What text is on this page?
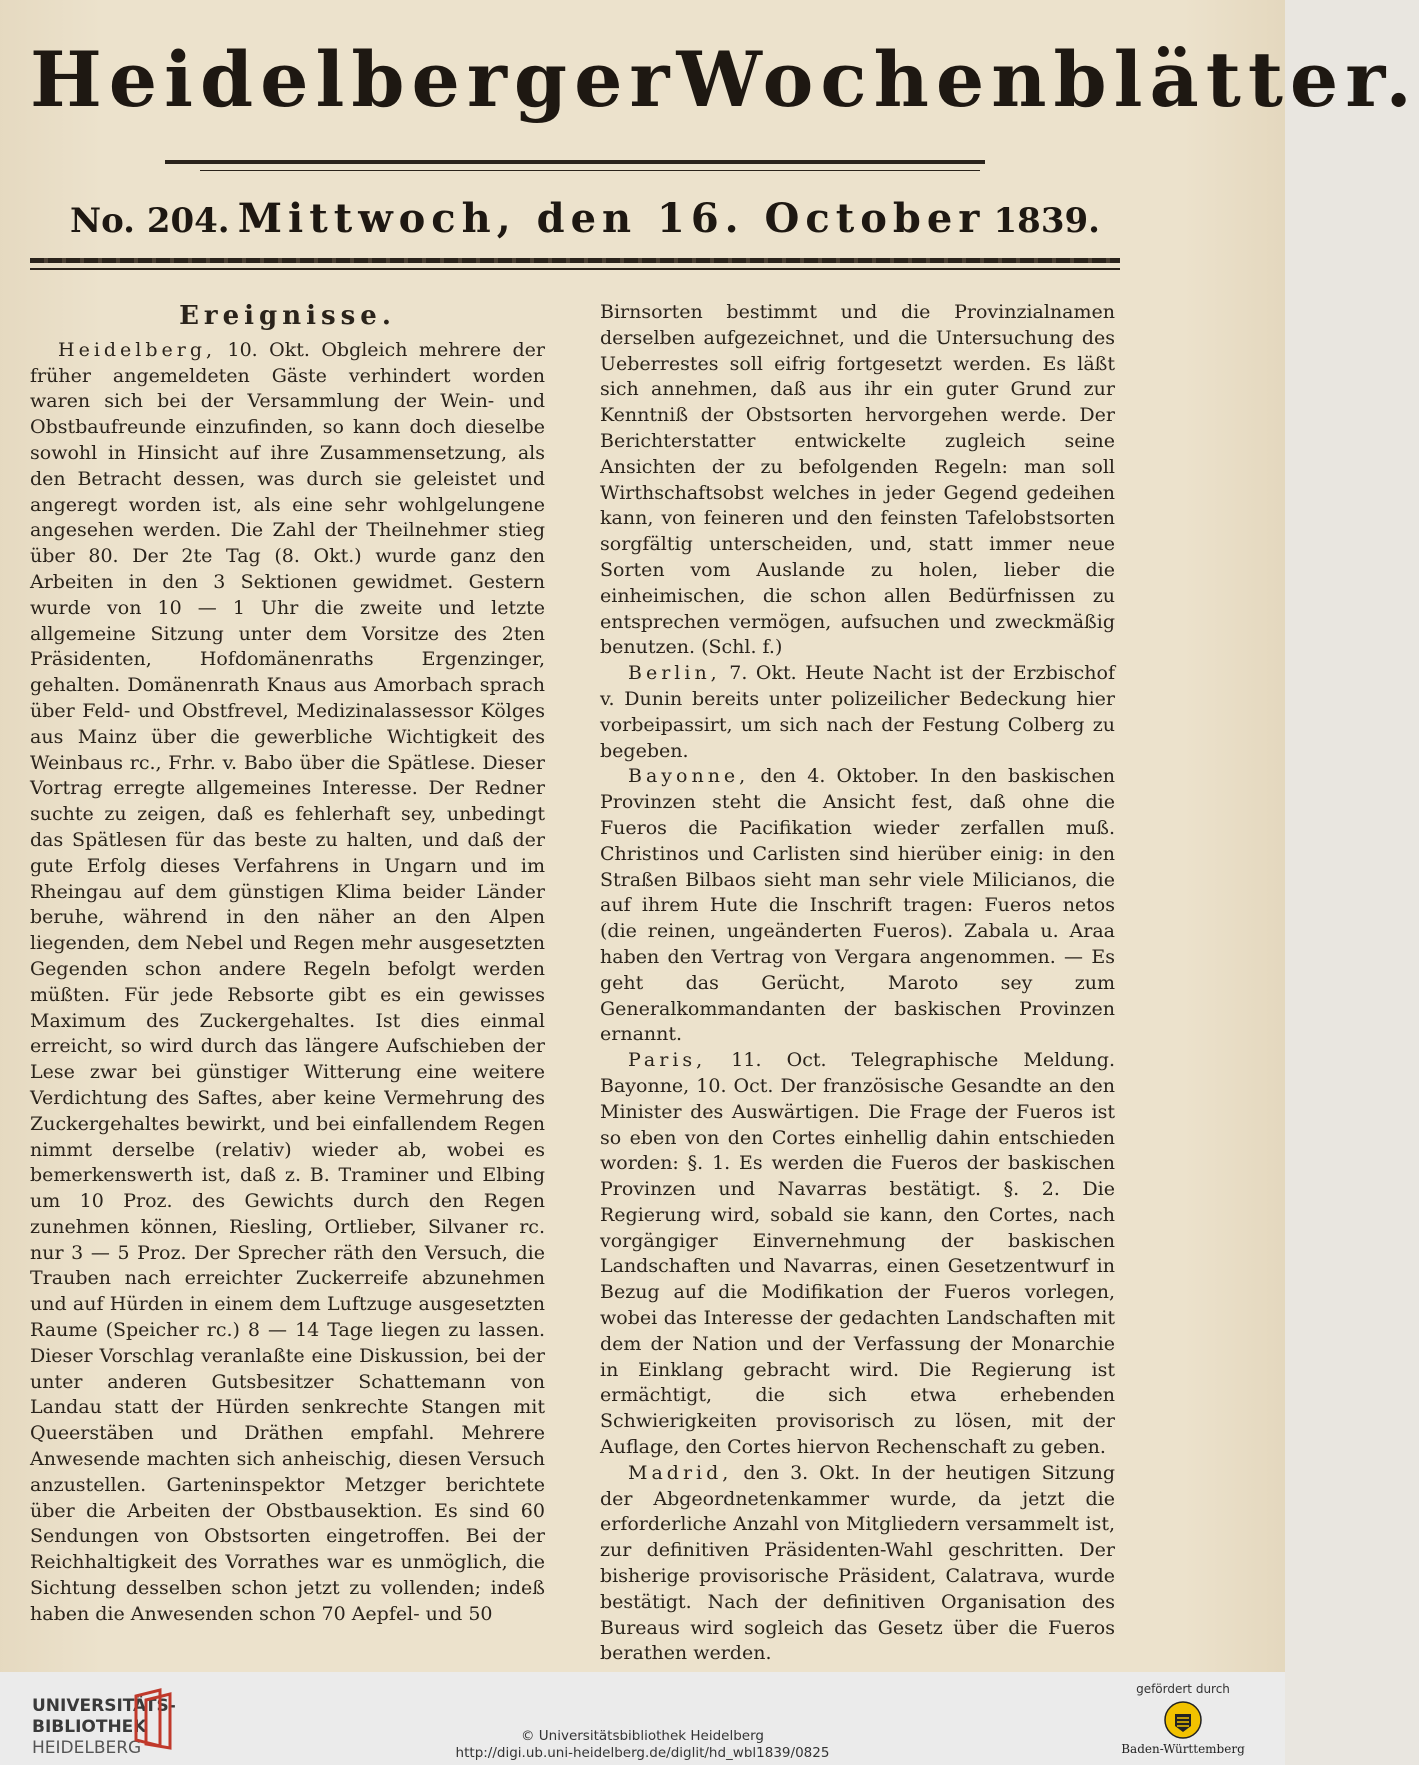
Heidelberger Wochenblätter.
No. 204. Mittwoch, den 16. October 1839.
Ereignisse.

Heidelberg, 10. Okt. Obgleich mehrere der früher angemeldeten Gäste verhindert worden waren sich bei der Versammlung der Wein- und Obstbaufreunde einzufinden, so kann doch dieselbe sowohl in Hinsicht auf ihre Zusammensetzung, als den Betracht dessen, was durch sie geleistet und angeregt worden ist, als eine sehr wohlgelungene angesehen werden. Die Zahl der Theilnehmer stieg über 80. Der 2te Tag (8. Okt.) wurde ganz den Arbeiten in den 3 Sektionen gewidmet. Gestern wurde von 10 — 1 Uhr die zweite und letzte allgemeine Sitzung unter dem Vorsitze des 2ten Präsidenten, Hofdomänenraths Ergenzinger, gehalten. Domänenrath Knaus aus Amorbach sprach über Feld- und Obstfrevel, Medizinalassessor Kölges aus Mainz über die gewerbliche Wichtigkeit des Weinbaus rc., Frhr. v. Babo über die Spätlese. Dieser Vortrag erregte allgemeines Interesse. Der Redner suchte zu zeigen, daß es fehlerhaft sey, unbedingt das Spätlesen für das beste zu halten, und daß der gute Erfolg dieses Verfahrens in Ungarn und im Rheingau auf dem günstigen Klima beider Länder beruhe, während in den näher an den Alpen liegenden, dem Nebel und Regen mehr ausgesetzten Gegenden schon andere Regeln befolgt werden müßten. Für jede Rebsorte gibt es ein gewisses Maximum des Zuckergehaltes. Ist dies einmal erreicht, so wird durch das längere Aufschieben der Lese zwar bei günstiger Witterung eine weitere Verdichtung des Saftes, aber keine Vermehrung des Zuckergehaltes bewirkt, und bei einfallendem Regen nimmt derselbe (relativ) wieder ab, wobei es bemerkenswerth ist, daß z. B. Traminer und Elbing um 10 Proz. des Gewichts durch den Regen zunehmen können, Riesling, Ortlieber, Silvaner rc. nur 3 — 5 Proz. Der Sprecher räth den Versuch, die Trauben nach erreichter Zuckerreife abzunehmen und auf Hürden in einem dem Luftzuge ausgesetzten Raume (Speicher rc.) 8 — 14 Tage liegen zu lassen. Dieser Vorschlag veranlaßte eine Diskussion, bei der unter anderen Gutsbesitzer Schattemann von Landau statt der Hürden senkrechte Stangen mit Queerstäben und Dräthen empfahl. Mehrere Anwesende machten sich anheischig, diesen Versuch anzustellen. Garteninspektor Metzger berichtete über die Arbeiten der Obstbausektion. Es sind 60 Sendungen von Obstsorten eingetroffen. Bei der Reichhaltigkeit des Vorrathes war es unmöglich, die Sichtung desselben schon jetzt zu vollenden; indeß haben die Anwesenden schon 70 Aepfel- und 50

Birnsorten bestimmt und die Provinzialnamen derselben aufgezeichnet, und die Untersuchung des Ueberrestes soll eifrig fortgesetzt werden. Es läßt sich annehmen, daß aus ihr ein guter Grund zur Kenntniß der Obstsorten hervorgehen werde. Der Berichterstatter entwickelte zugleich seine Ansichten der zu befolgenden Regeln: man soll Wirthschaftsobst welches in jeder Gegend gedeihen kann, von feineren und den feinsten Tafelobstsorten sorgfältig unterscheiden, und, statt immer neue Sorten vom Auslande zu holen, lieber die einheimischen, die schon allen Bedürfnissen zu entsprechen vermögen, aufsuchen und zweckmäßig benutzen. (Schl. f.)

Berlin, 7. Okt. Heute Nacht ist der Erzbischof v. Dunin bereits unter polizeilicher Bedeckung hier vorbeipassirt, um sich nach der Festung Colberg zu begeben.

Bayonne, den 4. Oktober. In den baskischen Provinzen steht die Ansicht fest, daß ohne die Fueros die Pacifikation wieder zerfallen muß. Christinos und Carlisten sind hierüber einig: in den Straßen Bilbaos sieht man sehr viele Milicianos, die auf ihrem Hute die Inschrift tragen: Fueros netos (die reinen, ungeänderten Fueros). Zabala u. Araa haben den Vertrag von Vergara angenommen. — Es geht das Gerücht, Maroto sey zum Generalkommandanten der baskischen Provinzen ernannt.

Paris, 11. Oct. Telegraphische Meldung. Bayonne, 10. Oct. Der französische Gesandte an den Minister des Auswärtigen. Die Frage der Fueros ist so eben von den Cortes einhellig dahin entschieden worden: §. 1. Es werden die Fueros der baskischen Provinzen und Navarras bestätigt. §. 2. Die Regierung wird, sobald sie kann, den Cortes, nach vorgängiger Einvernehmung der baskischen Landschaften und Navarras, einen Gesetzentwurf in Bezug auf die Modifikation der Fueros vorlegen, wobei das Interesse der gedachten Landschaften mit dem der Nation und der Verfassung der Monarchie in Einklang gebracht wird. Die Regierung ist ermächtigt, die sich etwa erhebenden Schwierigkeiten provisorisch zu lösen, mit der Auflage, den Cortes hiervon Rechenschaft zu geben.

Madrid, den 3. Okt. In der heutigen Sitzung der Abgeordnetenkammer wurde, da jetzt die erforderliche Anzahl von Mitgliedern versammelt ist, zur definitiven Präsidenten-Wahl geschritten. Der bisherige provisorische Präsident, Calatrava, wurde bestätigt. Nach der definitiven Organisation des Bureaus wird sogleich das Gesetz über die Fueros berathen werden.

UNIVERSITÄTS-
BIBLIOTHEK
HEIDELBERG
© Universitätsbibliothek Heidelberg
http://digi.ub.uni-heidelberg.de/diglit/hd_wbl1839/0825
gefördert durch
Baden-Württemberg
